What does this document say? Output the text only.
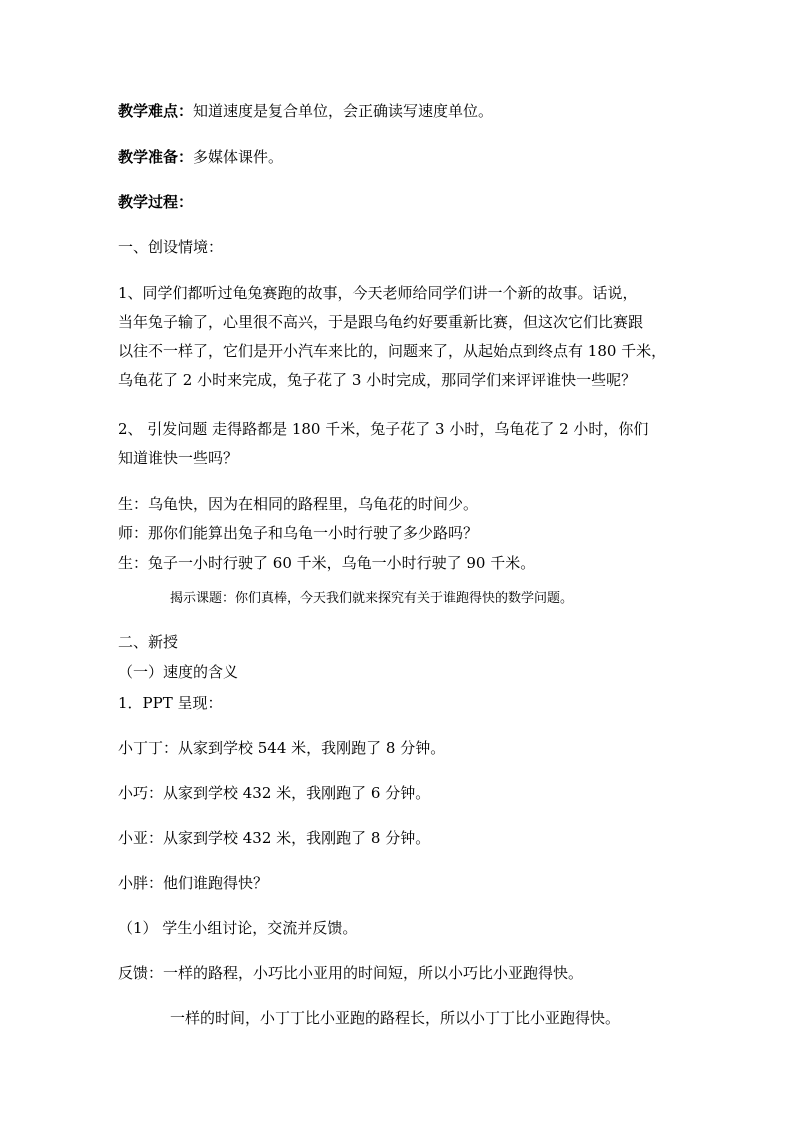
教学难点：知道速度是复合单位，会正确读写速度单位。
教学准备：多媒体课件。
教学过程：
一、创设情境：
1、同学们都听过龟兔赛跑的故事，今天老师给同学们讲一个新的故事。话说，
当年兔子输了，心里很不高兴，于是跟乌龟约好要重新比赛，但这次它们比赛跟
以往不一样了，它们是开小汽车来比的，问题来了，从起始点到终点有 180 千米，
乌龟花了 2 小时来完成，兔子花了 3 小时完成，那同学们来评评谁快一些呢？
2、 引发问题 走得路都是 180 千米，兔子花了 3 小时，乌龟花了 2 小时，你们
知道谁快一些吗？
生：乌龟快，因为在相同的路程里，乌龟花的时间少。
师：那你们能算出兔子和乌龟一小时行驶了多少路吗？
生：兔子一小时行驶了 60 千米，乌龟一小时行驶了 90 千米。
揭示课题：你们真棒，今天我们就来探究有关于谁跑得快的数学问题。
二、新授
（一）速度的含义
1．PPT 呈现：
小丁丁：从家到学校 544 米，我刚跑了 8 分钟。
小巧：从家到学校 432 米，我刚跑了 6 分钟。
小亚：从家到学校 432 米，我刚跑了 8 分钟。
小胖：他们谁跑得快？
（1） 学生小组讨论，交流并反馈。
反馈：一样的路程，小巧比小亚用的时间短，所以小巧比小亚跑得快。
一样的时间，小丁丁比小亚跑的路程长，所以小丁丁比小亚跑得快。
